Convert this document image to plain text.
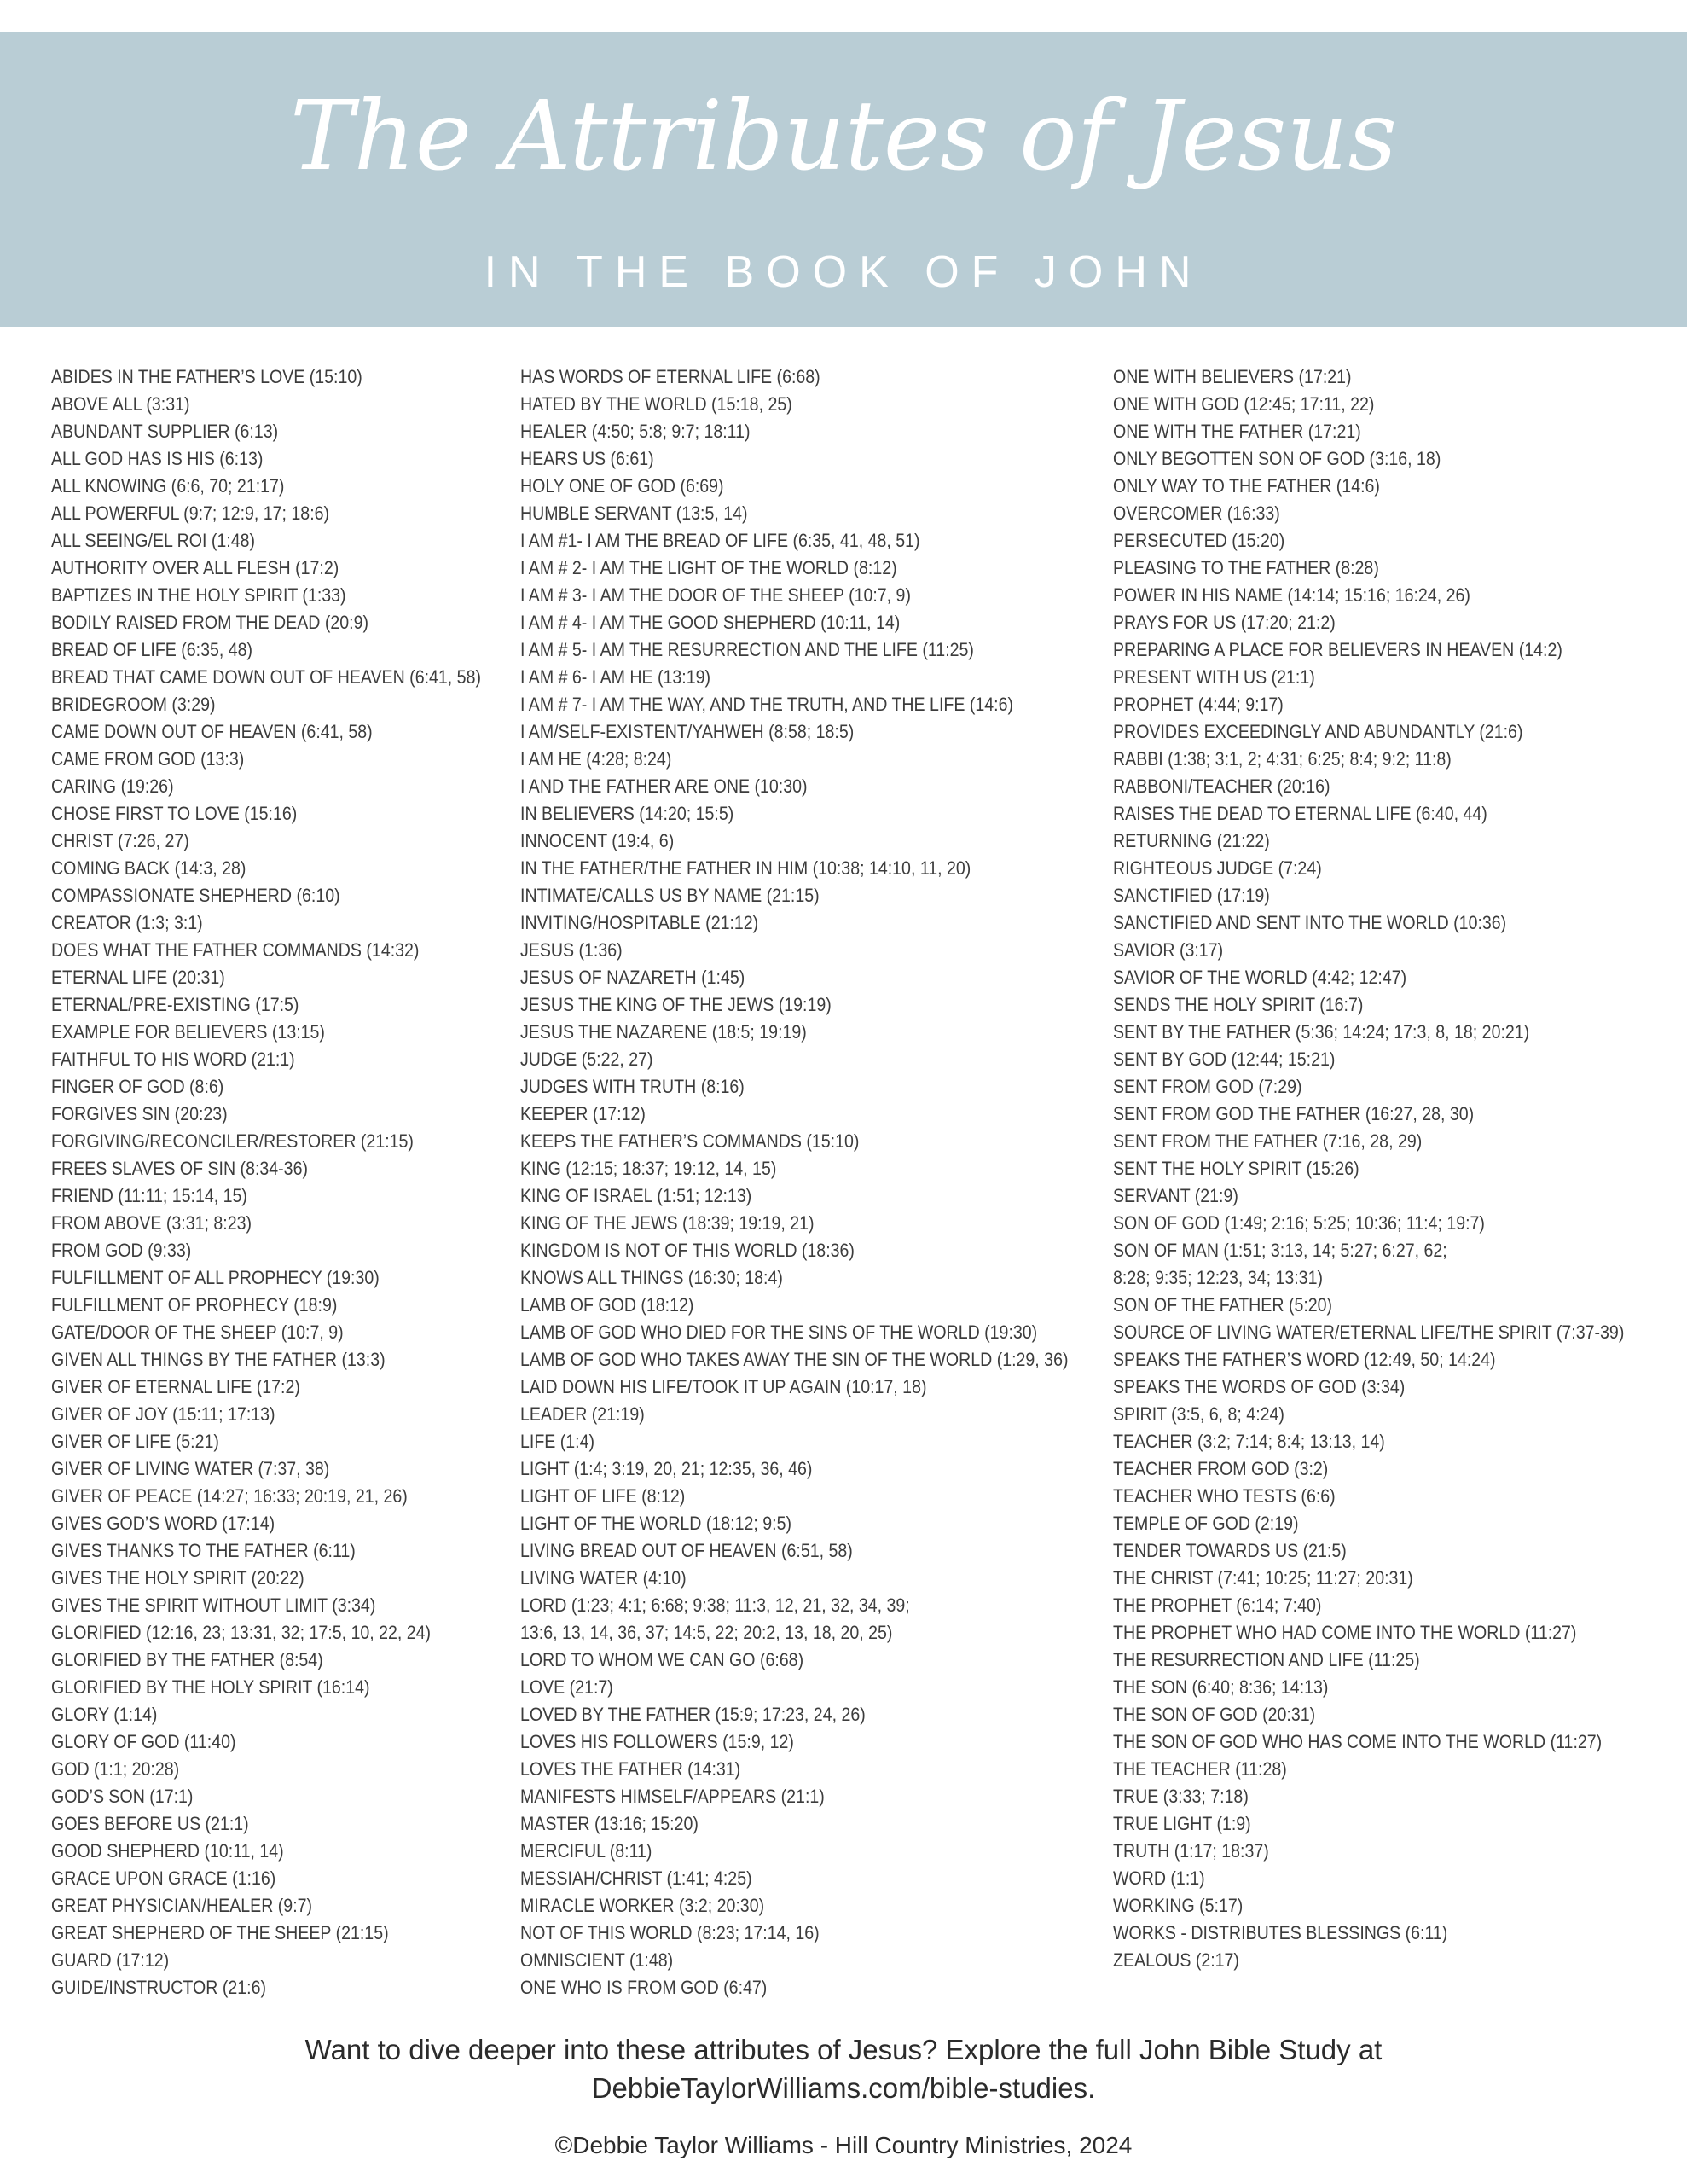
The Attributes of Jesus
IN THE BOOK OF JOHN
ABIDES IN THE FATHER’S LOVE (15:10)
ABOVE ALL (3:31)
ABUNDANT SUPPLIER (6:13)
ALL GOD HAS IS HIS (6:13)
ALL KNOWING (6:6, 70; 21:17)
ALL POWERFUL (9:7; 12:9, 17; 18:6)
ALL SEEING/EL ROI (1:48)
AUTHORITY OVER ALL FLESH (17:2)
BAPTIZES IN THE HOLY SPIRIT (1:33)
BODILY RAISED FROM THE DEAD (20:9)
BREAD OF LIFE (6:35, 48)
BREAD THAT CAME DOWN OUT OF HEAVEN (6:41, 58)
BRIDEGROOM (3:29)
CAME DOWN OUT OF HEAVEN (6:41, 58)
CAME FROM GOD (13:3)
CARING (19:26)
CHOSE FIRST TO LOVE (15:16)
CHRIST (7:26, 27)
COMING BACK (14:3, 28)
COMPASSIONATE SHEPHERD (6:10)
CREATOR (1:3; 3:1)
DOES WHAT THE FATHER COMMANDS (14:32)
ETERNAL LIFE (20:31)
ETERNAL/PRE-EXISTING (17:5)
EXAMPLE FOR BELIEVERS (13:15)
FAITHFUL TO HIS WORD (21:1)
FINGER OF GOD (8:6)
FORGIVES SIN (20:23)
FORGIVING/RECONCILER/RESTORER (21:15)
FREES SLAVES OF SIN (8:34-36)
FRIEND (11:11; 15:14, 15)
FROM ABOVE (3:31; 8:23)
FROM GOD (9:33)
FULFILLMENT OF ALL PROPHECY (19:30)
FULFILLMENT OF PROPHECY (18:9)
GATE/DOOR OF THE SHEEP (10:7, 9)
GIVEN ALL THINGS BY THE FATHER (13:3)
GIVER OF ETERNAL LIFE (17:2)
GIVER OF JOY (15:11; 17:13)
GIVER OF LIFE (5:21)
GIVER OF LIVING WATER (7:37, 38)
GIVER OF PEACE (14:27; 16:33; 20:19, 21, 26)
GIVES GOD’S WORD (17:14)
GIVES THANKS TO THE FATHER (6:11)
GIVES THE HOLY SPIRIT (20:22)
GIVES THE SPIRIT WITHOUT LIMIT (3:34)
GLORIFIED (12:16, 23; 13:31, 32; 17:5, 10, 22, 24)
GLORIFIED BY THE FATHER (8:54)
GLORIFIED BY THE HOLY SPIRIT (16:14)
GLORY (1:14)
GLORY OF GOD (11:40)
GOD (1:1; 20:28)
GOD’S SON (17:1)
GOES BEFORE US (21:1)
GOOD SHEPHERD (10:11, 14)
GRACE UPON GRACE (1:16)
GREAT PHYSICIAN/HEALER (9:7)
GREAT SHEPHERD OF THE SHEEP (21:15)
GUARD (17:12)
GUIDE/INSTRUCTOR (21:6)
HAS WORDS OF ETERNAL LIFE (6:68)
HATED BY THE WORLD (15:18, 25)
HEALER (4:50; 5:8; 9:7; 18:11)
HEARS US (6:61)
HOLY ONE OF GOD (6:69)
HUMBLE SERVANT (13:5, 14)
I AM #1- I AM THE BREAD OF LIFE (6:35, 41, 48, 51)
I AM # 2- I AM THE LIGHT OF THE WORLD (8:12)
I AM # 3- I AM THE DOOR OF THE SHEEP (10:7, 9)
I AM # 4- I AM THE GOOD SHEPHERD (10:11, 14)
I AM # 5- I AM THE RESURRECTION AND THE LIFE (11:25)
I AM # 6- I AM HE (13:19)
I AM # 7- I AM THE WAY, AND THE TRUTH, AND THE LIFE (14:6)
I AM/SELF-EXISTENT/YAHWEH (8:58; 18:5)
I AM HE (4:28; 8:24)
I AND THE FATHER ARE ONE (10:30)
IN BELIEVERS (14:20; 15:5)
INNOCENT (19:4, 6)
IN THE FATHER/THE FATHER IN HIM (10:38; 14:10, 11, 20)
INTIMATE/CALLS US BY NAME (21:15)
INVITING/HOSPITABLE (21:12)
JESUS (1:36)
JESUS OF NAZARETH (1:45)
JESUS THE KING OF THE JEWS (19:19)
JESUS THE NAZARENE (18:5; 19:19)
JUDGE (5:22, 27)
JUDGES WITH TRUTH (8:16)
KEEPER (17:12)
KEEPS THE FATHER’S COMMANDS (15:10)
KING (12:15; 18:37; 19:12, 14, 15)
KING OF ISRAEL (1:51; 12:13)
KING OF THE JEWS (18:39; 19:19, 21)
KINGDOM IS NOT OF THIS WORLD (18:36)
KNOWS ALL THINGS (16:30; 18:4)
LAMB OF GOD (18:12)
LAMB OF GOD WHO DIED FOR THE SINS OF THE WORLD (19:30)
LAMB OF GOD WHO TAKES AWAY THE SIN OF THE WORLD (1:29, 36)
LAID DOWN HIS LIFE/TOOK IT UP AGAIN (10:17, 18)
LEADER (21:19)
LIFE (1:4)
LIGHT (1:4; 3:19, 20, 21; 12:35, 36, 46)
LIGHT OF LIFE (8:12)
LIGHT OF THE WORLD (18:12; 9:5)
LIVING BREAD OUT OF HEAVEN (6:51, 58)
LIVING WATER (4:10)
LORD (1:23; 4:1; 6:68; 9:38; 11:3, 12, 21, 32, 34, 39;
13:6, 13, 14, 36, 37; 14:5, 22; 20:2, 13, 18, 20, 25)
LORD TO WHOM WE CAN GO (6:68)
LOVE (21:7)
LOVED BY THE FATHER (15:9; 17:23, 24, 26)
LOVES HIS FOLLOWERS (15:9, 12)
LOVES THE FATHER (14:31)
MANIFESTS HIMSELF/APPEARS (21:1)
MASTER (13:16; 15:20)
MERCIFUL (8:11)
MESSIAH/CHRIST (1:41; 4:25)
MIRACLE WORKER (3:2; 20:30)
NOT OF THIS WORLD (8:23; 17:14, 16)
OMNISCIENT (1:48)
ONE WHO IS FROM GOD (6:47)
ONE WITH BELIEVERS (17:21)
ONE WITH GOD (12:45; 17:11, 22)
ONE WITH THE FATHER (17:21)
ONLY BEGOTTEN SON OF GOD (3:16, 18)
ONLY WAY TO THE FATHER (14:6)
OVERCOMER (16:33)
PERSECUTED (15:20)
PLEASING TO THE FATHER (8:28)
POWER IN HIS NAME (14:14; 15:16; 16:24, 26)
PRAYS FOR US (17:20; 21:2)
PREPARING A PLACE FOR BELIEVERS IN HEAVEN (14:2)
PRESENT WITH US (21:1)
PROPHET (4:44; 9:17)
PROVIDES EXCEEDINGLY AND ABUNDANTLY (21:6)
RABBI (1:38; 3:1, 2; 4:31; 6:25; 8:4; 9:2; 11:8)
RABBONI/TEACHER (20:16)
RAISES THE DEAD TO ETERNAL LIFE (6:40, 44)
RETURNING (21:22)
RIGHTEOUS JUDGE (7:24)
SANCTIFIED (17:19)
SANCTIFIED AND SENT INTO THE WORLD (10:36)
SAVIOR (3:17)
SAVIOR OF THE WORLD (4:42; 12:47)
SENDS THE HOLY SPIRIT (16:7)
SENT BY THE FATHER (5:36; 14:24; 17:3, 8, 18; 20:21)
SENT BY GOD (12:44; 15:21)
SENT FROM GOD (7:29)
SENT FROM GOD THE FATHER (16:27, 28, 30)
SENT FROM THE FATHER (7:16, 28, 29)
SENT THE HOLY SPIRIT (15:26)
SERVANT (21:9)
SON OF GOD (1:49; 2:16; 5:25; 10:36; 11:4; 19:7)
SON OF MAN (1:51; 3:13, 14; 5:27; 6:27, 62;
8:28; 9:35; 12:23, 34; 13:31)
SON OF THE FATHER (5:20)
SOURCE OF LIVING WATER/ETERNAL LIFE/THE SPIRIT (7:37-39)
SPEAKS THE FATHER’S WORD (12:49, 50; 14:24)
SPEAKS THE WORDS OF GOD (3:34)
SPIRIT (3:5, 6, 8; 4:24)
TEACHER (3:2; 7:14; 8:4; 13:13, 14)
TEACHER FROM GOD (3:2)
TEACHER WHO TESTS (6:6)
TEMPLE OF GOD (2:19)
TENDER TOWARDS US (21:5)
THE CHRIST (7:41; 10:25; 11:27; 20:31)
THE PROPHET (6:14; 7:40)
THE PROPHET WHO HAD COME INTO THE WORLD (11:27)
THE RESURRECTION AND LIFE (11:25)
THE SON (6:40; 8:36; 14:13)
THE SON OF GOD (20:31)
THE SON OF GOD WHO HAS COME INTO THE WORLD (11:27)
THE TEACHER (11:28)
TRUE (3:33; 7:18)
TRUE LIGHT (1:9)
TRUTH (1:17; 18:37)
WORD (1:1)
WORKING (5:17)
WORKS - DISTRIBUTES BLESSINGS (6:11)
ZEALOUS (2:17)
Want to dive deeper into these attributes of Jesus? Explore the full John Bible Study at
DebbieTaylorWilliams.com/bible-studies.
©Debbie Taylor Williams - Hill Country Ministries, 2024
